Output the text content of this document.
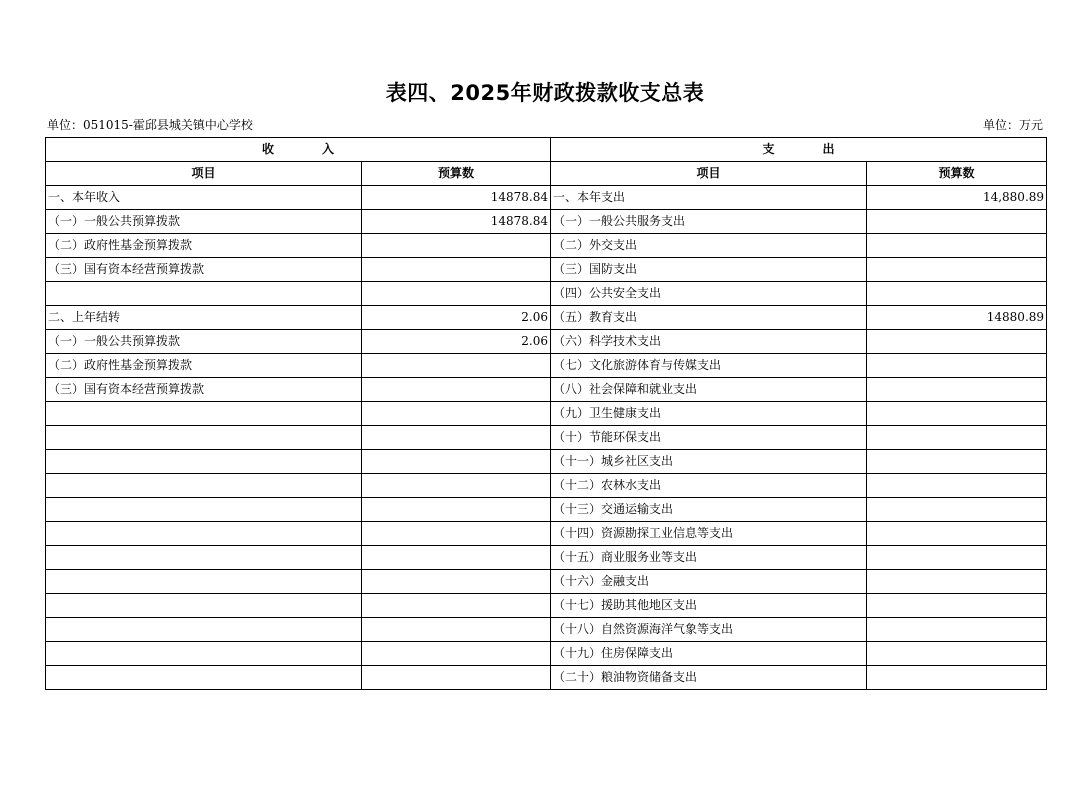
表四、2025年财政拨款收支总表
单位：051015-霍邱县城关镇中心学校	单位：万元
收　　　　入		支　　　　出	
项目	预算数	项目	预算数
一、本年收入	14878.84	一、本年支出	14,880.89
（一）一般公共预算拨款	14878.84	（一）一般公共服务支出	
（二）政府性基金预算拨款		（二）外交支出	
（三）国有资本经营预算拨款		（三）国防支出	
		（四）公共安全支出	
二、上年结转	2.06	（五）教育支出	14880.89
（一）一般公共预算拨款	2.06	（六）科学技术支出	
（二）政府性基金预算拨款		（七）文化旅游体育与传媒支出	
（三）国有资本经营预算拨款		（八）社会保障和就业支出	
		（九）卫生健康支出	
		（十）节能环保支出	
		（十一）城乡社区支出	
		（十二）农林水支出	
		（十三）交通运输支出	
		（十四）资源勘探工业信息等支出	
		（十五）商业服务业等支出	
		（十六）金融支出	
		（十七）援助其他地区支出	
		（十八）自然资源海洋气象等支出	
		（十九）住房保障支出	
		（二十）粮油物资储备支出	
